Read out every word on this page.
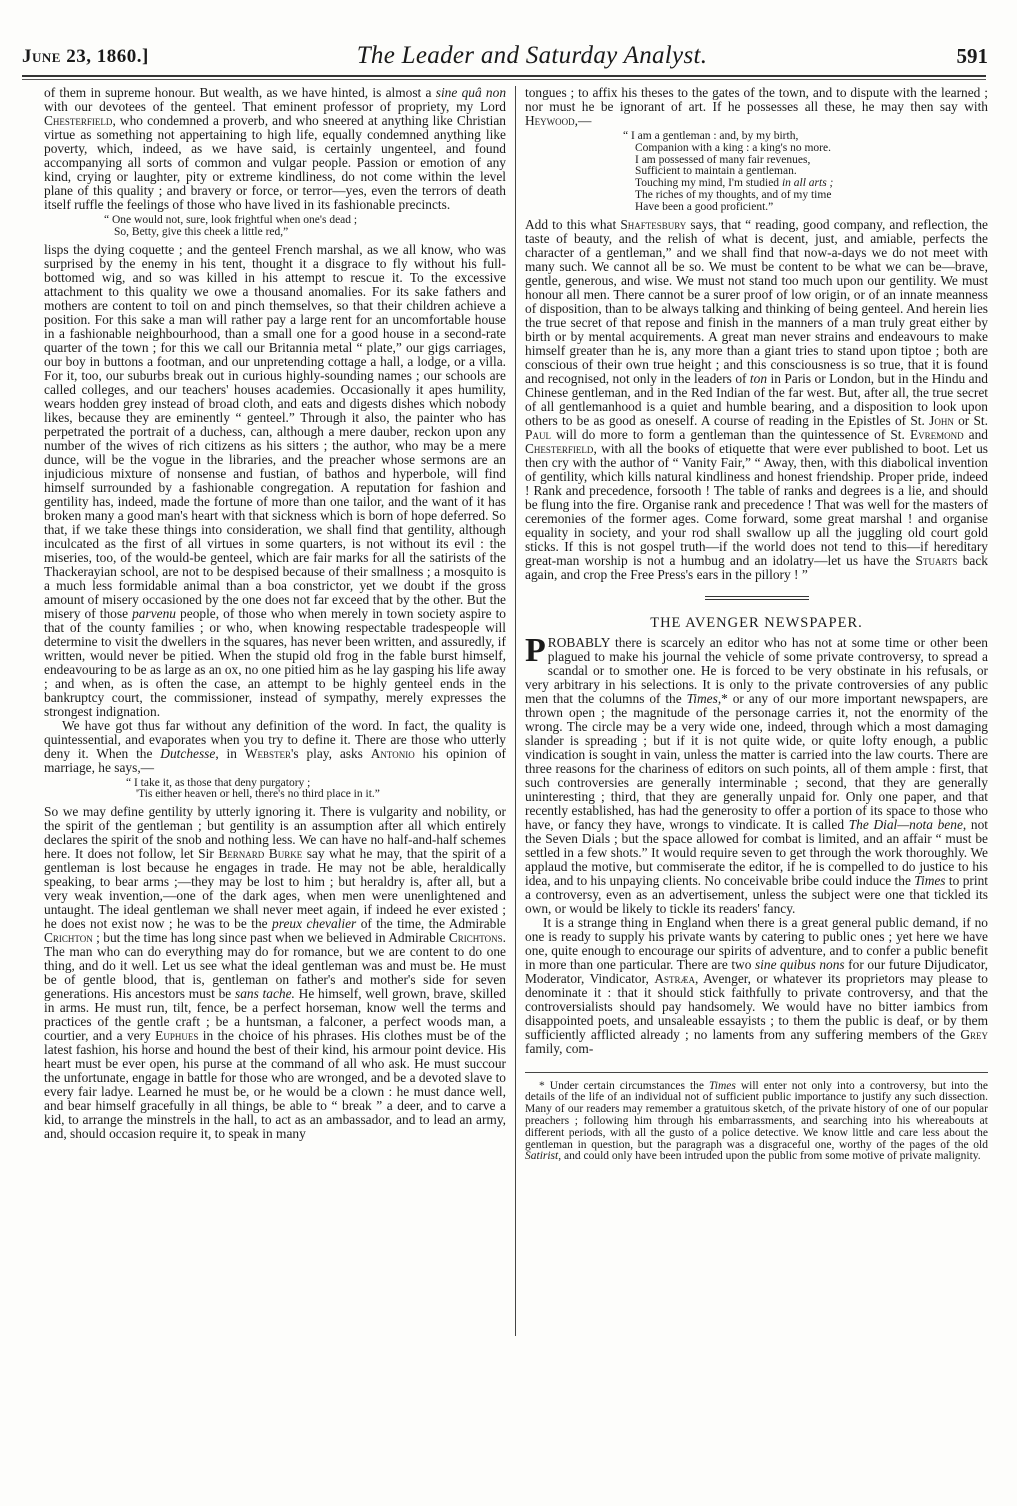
June 23, 1860.]	The Leader and Saturday Analyst.	591

of them in supreme honour. But wealth, as we have hinted, is almost a sine quâ non with our devotees of the genteel. That eminent professor of propriety, my Lord Chesterfield, who condemned a proverb, and who sneered at anything like Christian virtue as something not appertaining to high life, equally condemned anything like poverty, which, indeed, as we have said, is certainly ungenteel, and found accompanying all sorts of common and vulgar people. Passion or emotion of any kind, crying or laughter, pity or extreme kindliness, do not come within the level plane of this quality ; and bravery or force, or terror—yes, even the terrors of death itself ruffle the feelings of those who have lived in its fashionable precincts.

“ One would not, sure, look frightful when one's dead ;
So, Betty, give this cheek a little red,”

lisps the dying coquette ; and the genteel French marshal, as we all know, who was surprised by the enemy in his tent, thought it a disgrace to fly without his full-bottomed wig, and so was killed in his attempt to rescue it. To the excessive attachment to this quality we owe a thousand anomalies. For its sake fathers and mothers are content to toil on and pinch themselves, so that their children achieve a position. For this sake a man will rather pay a large rent for an uncomfortable house in a fashionable neighbourhood, than a small one for a good house in a second-rate quarter of the town ; for this we call our Britannia metal “ plate,” our gigs carriages, our boy in buttons a footman, and our unpretending cottage a hall, a lodge, or a villa. For it, too, our suburbs break out in curious highly-sounding names ; our schools are called colleges, and our teachers' houses academies. Occasionally it apes humility, wears hodden grey instead of broad cloth, and eats and digests dishes which nobody likes, because they are eminently “ genteel.” Through it also, the painter who has perpetrated the portrait of a duchess, can, although a mere dauber, reckon upon any number of the wives of rich citizens as his sitters ; the author, who may be a mere dunce, will be the vogue in the libraries, and the preacher whose sermons are an injudicious mixture of nonsense and fustian, of bathos and hyperbole, will find himself surrounded by a fashionable congregation. A reputation for fashion and gentility has, indeed, made the fortune of more than one tailor, and the want of it has broken many a good man's heart with that sickness which is born of hope deferred. So that, if we take these things into consideration, we shall find that gentility, although inculcated as the first of all virtues in some quarters, is not without its evil : the miseries, too, of the would-be genteel, which are fair marks for all the satirists of the Thackerayian school, are not to be despised because of their smallness ; a mosquito is a much less formidable animal than a boa constrictor, yet we doubt if the gross amount of misery occasioned by the one does not far exceed that by the other. But the misery of those parvenu people, of those who when merely in town society aspire to that of the county families ; or who, when knowing respectable tradespeople will determine to visit the dwellers in the squares, has never been written, and assuredly, if written, would never be pitied. When the stupid old frog in the fable burst himself, endeavouring to be as large as an ox, no one pitied him as he lay gasping his life away ; and when, as is often the case, an attempt to be highly genteel ends in the bankruptcy court, the commissioner, instead of sympathy, merely expresses the strongest indignation.

We have got thus far without any definition of the word. In fact, the quality is quintessential, and evaporates when you try to define it. There are those who utterly deny it. When the Dutchesse, in Webster's play, asks Antonio his opinion of marriage, he says,—

“ I take it, as those that deny purgatory ;
'Tis either heaven or hell, there's no third place in it.”

So we may define gentility by utterly ignoring it. There is vulgarity and nobility, or the spirit of the gentleman ; but gentility is an assumption after all which entirely declares the spirit of the snob and nothing less. We can have no half-and-half schemes here. It does not follow, let Sir Bernard Burke say what he may, that the spirit of a gentleman is lost because he engages in trade. He may not be able, heraldically speaking, to bear arms ;—they may be lost to him ; but heraldry is, after all, but a very weak invention,—one of the dark ages, when men were unenlightened and untaught. The ideal gentleman we shall never meet again, if indeed he ever existed ; he does not exist now ; he was to be the preux chevalier of the time, the Admirable Crichton ; but the time has long since past when we believed in Admirable Crichtons. The man who can do everything may do for romance, but we are content to do one thing, and do it well. Let us see what the ideal gentleman was and must be. He must be of gentle blood, that is, gentleman on father's and mother's side for seven generations. His ancestors must be sans tache. He himself, well grown, brave, skilled in arms. He must run, tilt, fence, be a perfect horseman, know well the terms and practices of the gentle craft ; be a huntsman, a falconer, a perfect woods man, a courtier, and a very Euphues in the choice of his phrases. His clothes must be of the latest fashion, his horse and hound the best of their kind, his armour point device. His heart must be ever open, his purse at the command of all who ask. He must succour the unfortunate, engage in battle for those who are wronged, and be a devoted slave to every fair ladye. Learned he must be, or he would be a clown : he must dance well, and bear himself gracefully in all things, be able to “ break ” a deer, and to carve a kid, to arrange the minstrels in the hall, to act as an ambassador, and to lead an army, and, should occasion require it, to speak in many

tongues ; to affix his theses to the gates of the town, and to dispute with the learned ; nor must he be ignorant of art. If he possesses all these, he may then say with Heywood,—

“ I am a gentleman : and, by my birth,
Companion with a king : a king's no more.
I am possessed of many fair revenues,
Sufficient to maintain a gentleman.
Touching my mind, I'm studied in all arts ;
The riches of my thoughts, and of my time
Have been a good proficient.”

Add to this what Shaftesbury says, that “ reading, good company, and reflection, the taste of beauty, and the relish of what is decent, just, and amiable, perfects the character of a gentleman,” and we shall find that now-a-days we do not meet with many such. We cannot all be so. We must be content to be what we can be—brave, gentle, generous, and wise. We must not stand too much upon our gentility. We must honour all men. There cannot be a surer proof of low origin, or of an innate meanness of disposition, than to be always talking and thinking of being genteel. And herein lies the true secret of that repose and finish in the manners of a man truly great either by birth or by mental acquirements. A great man never strains and endeavours to make himself greater than he is, any more than a giant tries to stand upon tiptoe ; both are conscious of their own true height ; and this consciousness is so true, that it is found and recognised, not only in the leaders of ton in Paris or London, but in the Hindu and Chinese gentleman, and in the Red Indian of the far west. But, after all, the true secret of all gentlemanhood is a quiet and humble bearing, and a disposition to look upon others to be as good as oneself. A course of reading in the Epistles of St. John or St. Paul will do more to form a gentleman than the quintessence of St. Evremond and Chesterfield, with all the books of etiquette that were ever published to boot. Let us then cry with the author of “ Vanity Fair,” “ Away, then, with this diabolical invention of gentility, which kills natural kindliness and honest friendship. Proper pride, indeed ! Rank and precedence, forsooth ! The table of ranks and degrees is a lie, and should be flung into the fire. Organise rank and precedence ! That was well for the masters of ceremonies of the former ages. Come forward, some great marshal ! and organise equality in society, and your rod shall swallow up all the juggling old court gold sticks. If this is not gospel truth—if the world does not tend to this—if hereditary great-man worship is not a humbug and an idolatry—let us have the Stuarts back again, and crop the Free Press's ears in the pillory ! ”

THE AVENGER NEWSPAPER.

PROBABLY there is scarcely an editor who has not at some time or other been plagued to make his journal the vehicle of some private controversy, to spread a scandal or to smother one. He is forced to be very obstinate in his refusals, or very arbitrary in his selections. It is only to the private controversies of any public men that the columns of the Times,* or any of our more important newspapers, are thrown open ; the magnitude of the personage carries it, not the enormity of the wrong. The circle may be a very wide one, indeed, through which a most damaging slander is spreading ; but if it is not quite wide, or quite lofty enough, a public vindication is sought in vain, unless the matter is carried into the law courts. There are three reasons for the chariness of editors on such points, all of them ample : first, that such controversies are generally interminable ; second, that they are generally uninteresting ; third, that they are generally unpaid for. Only one paper, and that recently established, has had the generosity to offer a portion of its space to those who have, or fancy they have, wrongs to vindicate. It is called The Dial—nota bene, not the Seven Dials ; but the space allowed for combat is limited, and an affair “ must be settled in a few shots.” It would require seven to get through the work thoroughly. We applaud the motive, but commiserate the editor, if he is compelled to do justice to his idea, and to his unpaying clients. No conceivable bribe could induce the Times to print a controversy, even as an advertisement, unless the subject were one that tickled its own, or would be likely to tickle its readers' fancy.

It is a strange thing in England when there is a great general public demand, if no one is ready to supply his private wants by catering to public ones ; yet here we have one, quite enough to encourage our spirits of adventure, and to confer a public benefit in more than one particular. There are two sine quibus nons for our future Dijudicator, Moderator, Vindicator, Astræa, Avenger, or whatever its proprietors may please to denominate it : that it should stick faithfully to private controversy, and that the controversialists should pay handsomely. We would have no bitter iambics from disappointed poets, and unsaleable essayists ; to them the public is deaf, or by them sufficiently afflicted already ; no laments from any suffering members of the Grey family, com-

* Under certain circumstances the Times will enter not only into a controversy, but into the details of the life of an individual not of sufficient public importance to justify any such dissection. Many of our readers may remember a gratuitous sketch, of the private history of one of our popular preachers ; following him through his embarrassments, and searching into his whereabouts at different periods, with all the gusto of a police detective. We know little and care less about the gentleman in question, but the paragraph was a disgraceful one, worthy of the pages of the old Satirist, and could only have been intruded upon the public from some motive of private malignity.
